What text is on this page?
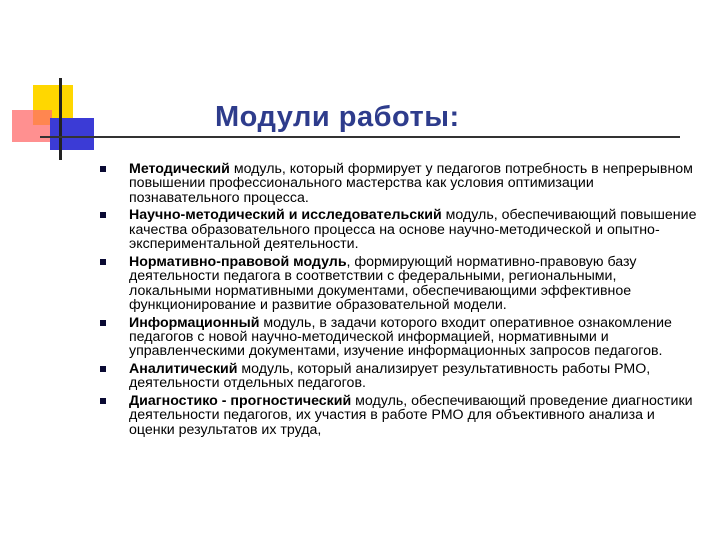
Модули работы:
Методический модуль, который формирует у педагогов потребность в непрерывном повышении профессионального мастерства как условия оптимизации познавательного процесса.
Научно-методический и исследовательский модуль, обеспечивающий повышение качества образовательного процесса на основе научно-методической и опытно-экспериментальной деятельности.
Нормативно-правовой модуль, формирующий нормативно-правовую базу деятельности педагога в соответствии с федеральными, региональными, локальными нормативными документами, обеспечивающими эффективное функционирование и развитие образовательной модели.
Информационный модуль, в задачи которого входит оперативное ознакомление педагогов с новой научно-методической информацией, нормативными и управленческими документами, изучение информационных запросов педагогов.
Аналитический модуль, который анализирует результативность работы РМО, деятельности отдельных педагогов.
Диагностико - прогностический модуль, обеспечивающий проведение диагностики деятельности педагогов, их участия в работе РМО для объективного анализа и оценки результатов их труда,
